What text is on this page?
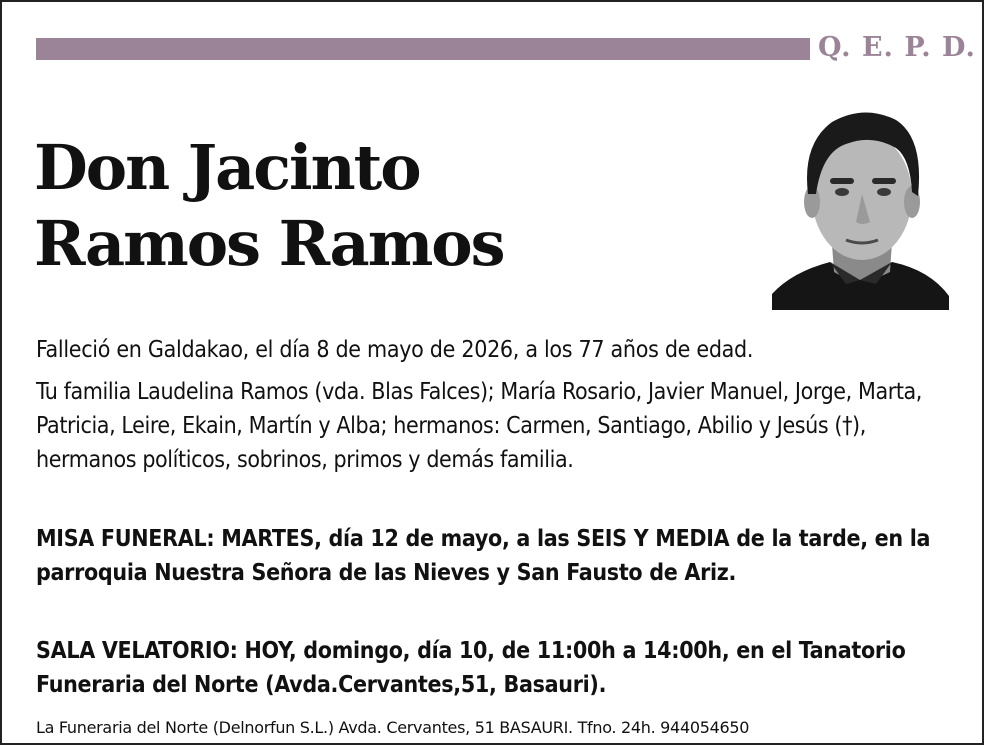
Q. E. P. D.
Don Jacinto
Ramos Ramos

Falleció en Galdakao, el día 8 de mayo de 2026, a los 77 años de edad.

Tu familia Laudelina Ramos (vda. Blas Falces); María Rosario, Javier Manuel, Jorge, Marta, Patricia, Leire, Ekain, Martín y Alba; hermanos: Carmen, Santiago, Abilio y Jesús (†), hermanos políticos, sobrinos, primos y demás familia.

MISA FUNERAL: MARTES, día 12 de mayo, a las SEIS Y MEDIA de la tarde, en la parroquia Nuestra Señora de las Nieves y San Fausto de Ariz.

SALA VELATORIO: HOY, domingo, día 10, de 11:00h a 14:00h, en el Tanatorio Funeraria del Norte (Avda.Cervantes,51, Basauri).

La Funeraria del Norte (Delnorfun S.L.) Avda. Cervantes, 51 BASAURI. Tfno. 24h. 944054650
